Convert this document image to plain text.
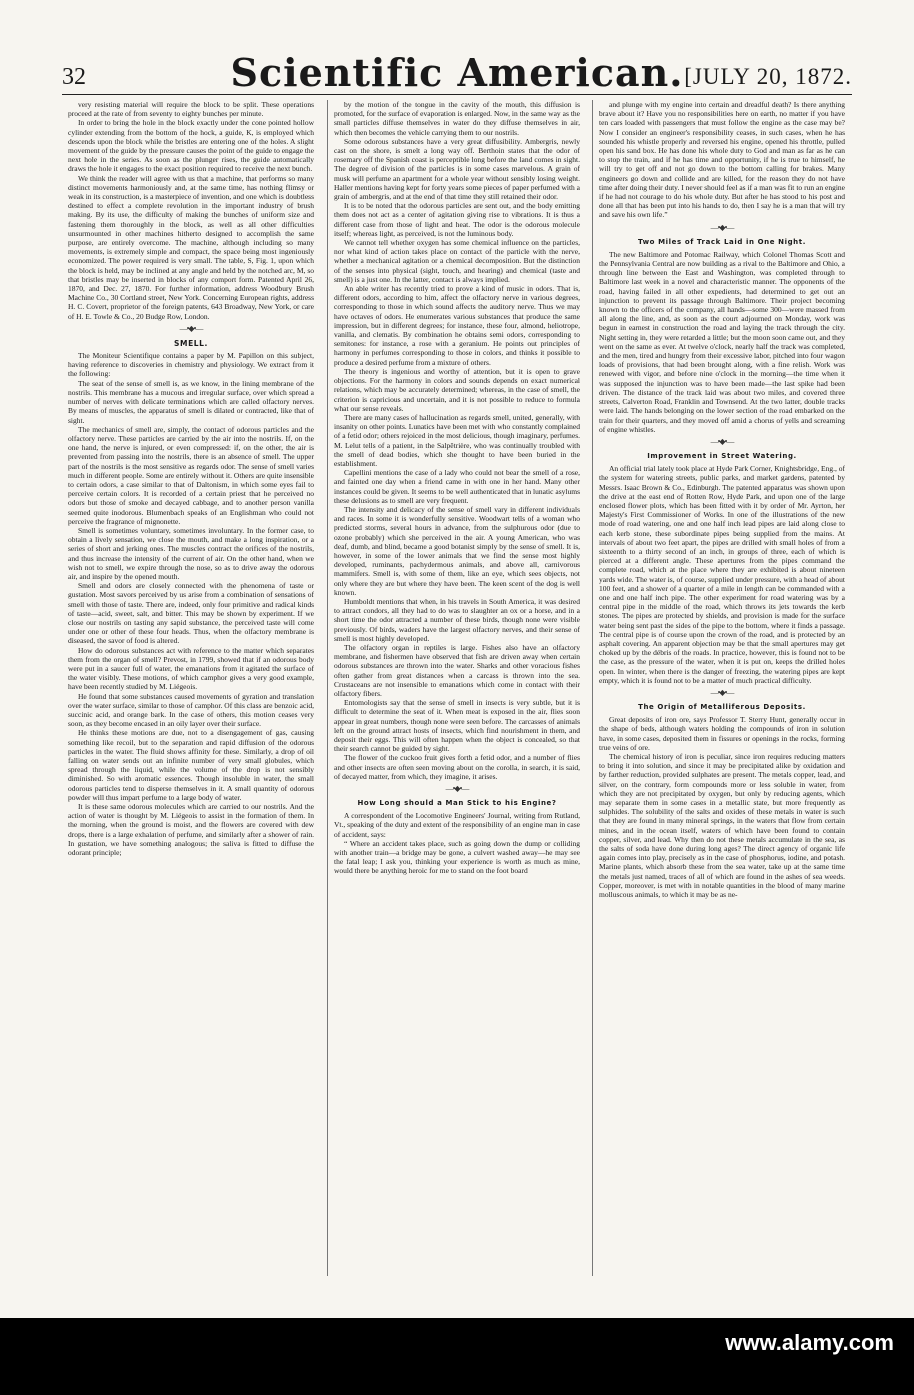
32	Scientific American. [JULY 20, 1872.

very resisting material will require the block to be split. These operations proceed at the rate of from seventy to eighty bunches per minute.

In order to bring the hole in the block exactly under the cone pointed hollow cylinder extending from the bottom of the hock, a guide, K, is employed which descends upon the block while the bristles are entering one of the holes. A slight movement of the guide by the pressure causes the point of the guide to engage the next hole in the series. As soon as the plunger rises, the guide automatically draws the hole it engages to the exact position required to receive the next bunch.

We think the reader will agree with us that a machine, that performs so many distinct movements harmoniously and, at the same time, has nothing flimsy or weak in its construction, is a masterpiece of invention, and one which is doubtless destined to effect a complete revolution in the important industry of brush making. By its use, the difficulty of making the bunches of uniform size and fastening them thoroughly in the block, as well as all other difficulties unsurmounted in other machines hitherto designed to accomplish the same purpose, are entirely overcome. The machine, although including so many movements, is extremely simple and compact, the space being most ingeniously economized. The power required is very small. The table, S, Fig. 1, upon which the block is held, may be inclined at any angle and held by the notched arc, M, so that bristles may be inserted in blocks of any comport form. Patented April 26, 1870, and Dec. 27, 1870. For further information, address Woodbury Brush Machine Co., 30 Cortland street, New York. Concerning European rights, address H. C. Covert, proprietor of the foreign patents, 643 Broadway, New York, or care of H. E. Towle & Co., 20 Budge Row, London.

—•◆•—
SMELL.

The Moniteur Scientifique contains a paper by M. Papillon on this subject, having reference to discoveries in chemistry and physiology. We extract from it the following:

The seat of the sense of smell is, as we know, in the lining membrane of the nostrils. This membrane has a mucous and irregular surface, over which spread a number of nerves with delicate terminations which are called olfactory nerves. By means of muscles, the apparatus of smell is dilated or contracted, like that of sight.

The mechanics of smell are, simply, the contact of odorous particles and the olfactory nerve. These particles are carried by the air into the nostrils. If, on the one hand, the nerve is injured, or even compressed: if, on the other, the air is prevented from passing into the nostrils, there is an absence of smell. The upper part of the nostrils is the most sensitive as regards odor. The sense of smell varies much in different people. Some are entirely without it. Others are quite insensible to certain odors, a case similar to that of Daltonism, in which some eyes fail to perceive certain colors. It is recorded of a certain priest that he perceived no odors but those of smoke and decayed cabbage, and to another person vanilla seemed quite inodorous. Blumenbach speaks of an Englishman who could not perceive the fragrance of mignonette.

Smell is sometimes voluntary, sometimes involuntary. In the former case, to obtain a lively sensation, we close the mouth, and make a long inspiration, or a series of short and jerking ones. The muscles contract the orifices of the nostrils, and thus increase the intensity of the current of air. On the other hand, when we wish not to smell, we expire through the nose, so as to drive away the odorous air, and inspire by the opened mouth.

Smell and odors are closely connected with the phenomena of taste or gustation. Most savors perceived by us arise from a combination of sensations of smell with those of taste. There are, indeed, only four primitive and radical kinds of taste—acid, sweet, salt, and bitter. This may be shown by experiment. If we close our nostrils on tasting any sapid substance, the perceived taste will come under one or other of these four heads. Thus, when the olfactory membrane is diseased, the savor of food is altered.

How do odorous substances act with reference to the matter which separates them from the organ of smell? Prevost, in 1799, showed that if an odorous body were put in a saucer full of water, the emanations from it agitated the surface of the water visibly. These motions, of which camphor gives a very good example, have been recently studied by M. Liégeois.

He found that some substances caused movements of gyration and translation over the water surface, similar to those of camphor. Of this class are benzoic acid, succinic acid, and orange bark. In the case of others, this motion ceases very soon, as they become encased in an oily layer over their surface.

He thinks these motions are due, not to a disengagement of gas, causing something like recoil, but to the separation and rapid diffusion of the odorous particles in the water. The fluid shows affinity for these. Similarly, a drop of oil falling on water sends out an infinite number of very small globules, which spread through the liquid, while the volume of the drop is not sensibly diminished. So with aromatic essences. Though insoluble in water, the small odorous particles tend to disperse themselves in it. A small quantity of odorous powder will thus impart perfume to a large body of water.

It is these same odorous molecules which are carried to our nostrils. And the action of water is thought by M. Liégeois to assist in the formation of them. In the morning, when the ground is moist, and the flowers are covered with dew drops, there is a large exhalation of perfume, and similarly after a shower of rain. In gustation, we have something analogous; the saliva is fitted to diffuse the odorant principle;

by the motion of the tongue in the cavity of the mouth, this diffusion is promoted, for the surface of evaporation is enlarged. Now, in the same way as the small particles diffuse themselves in water do they diffuse themselves in air, which then becomes the vehicle carrying them to our nostrils.

Some odorous substances have a very great diffusibility. Ambergris, newly cast on the shore, is smelt a long way off. Berthoin states that the odor of rosemary off the Spanish coast is perceptible long before the land comes in sight. The degree of division of the particles is in some cases marvelous. A grain of musk will perfume an apartment for a whole year without sensibly losing weight. Haller mentions having kept for forty years some pieces of paper perfumed with a grain of ambergris, and at the end of that time they still retained their odor.

It is to be noted that the odorous particles are sent out, and the body emitting them does not act as a center of agitation giving rise to vibrations. It is thus a different case from those of light and heat. The odor is the odorous molecule itself; whereas light, as perceived, is not the luminous body.

We cannot tell whether oxygen has some chemical influence on the particles, nor what kind of action takes place on contact of the particle with the nerve, whether a mechanical agitation or a chemical decomposition. But the distinction of the senses into physical (sight, touch, and hearing) and chemical (taste and smell) is a just one. In the latter, contact is always implied.

An able writer has recently tried to prove a kind of music in odors. That is, different odors, according to him, affect the olfactory nerve in various degrees, corresponding to those in which sound affects the auditory nerve. Thus we may have octaves of odors. He enumerates various substances that produce the same impression, but in different degrees; for instance, these four, almond, heliotrope, vanilla, and clematis. By combination he obtains semi odors, corresponding to semitones: for instance, a rose with a geranium. He points out principles of harmony in perfumes corresponding to those in colors, and thinks it possible to produce a desired perfume from a mixture of others.

The theory is ingenious and worthy of attention, but it is open to grave objections. For the harmony in colors and sounds depends on exact numerical relations, which may be accurately determined; whereas, in the case of smell, the criterion is capricious and uncertain, and it is not possible to reduce to formula what our sense reveals.

There are many cases of hallucination as regards smell, united, generally, with insanity on other points. Lunatics have been met with who constantly complained of a fetid odor; others rejoiced in the most delicious, though imaginary, perfumes. M. Lelut tells of a patient, in the Salpêtrière, who was continually troubled with the smell of dead bodies, which she thought to have been buried in the establishment.

Capellini mentions the case of a lady who could not bear the smell of a rose, and fainted one day when a friend came in with one in her hand. Many other instances could be given. It seems to be well authenticated that in lunatic asylums these delusions as to smell are very frequent.

The intensity and delicacy of the sense of smell vary in different individuals and races. In some it is wonderfully sensitive. Woodwart tells of a woman who predicted storms, several hours in advance, from the sulphurous odor (due to ozone probably) which she perceived in the air. A young American, who was deaf, dumb, and blind, became a good botanist simply by the sense of smell. It is, however, in some of the lower animals that we find the sense most highly developed, ruminants, pachydermous animals, and above all, carnivorous mammifers. Smell is, with some of them, like an eye, which sees objects, not only where they are but where they have been. The keen scent of the dog is well known.

Humboldt mentions that when, in his travels in South America, it was desired to attract condors, all they had to do was to slaughter an ox or a horse, and in a short time the odor attracted a number of these birds, though none were visible previously. Of birds, waders have the largest olfactory nerves, and their sense of smell is most highly developed.

The olfactory organ in reptiles is large. Fishes also have an olfactory membrane, and fishermen have observed that fish are driven away when certain odorous substances are thrown into the water. Sharks and other voracious fishes often gather from great distances when a carcass is thrown into the sea. Crustaceans are not insensible to emanations which come in contact with their olfactory fibers.

Entomologists say that the sense of smell in insects is very subtle, but it is difficult to determine the seat of it. When meat is exposed in the air, flies soon appear in great numbers, though none were seen before. The carcasses of animals left on the ground attract hosts of insects, which find nourishment in them, and deposit their eggs. This will often happen when the object is concealed, so that their search cannot be guided by sight.

The flower of the cuckoo fruit gives forth a fetid odor, and a number of flies and other insects are often seen moving about on the corolla, in search, it is said, of decayed matter, from which, they imagine, it arises.

—•◆•—
How Long should a Man Stick to his Engine?

A correspondent of the Locomotive Engineers' Journal, writing from Rutland, Vt., speaking of the duty and extent of the responsibility of an engine man in case of accident, says:

“ Where an accident takes place, such as going down the dump or colliding with another train—a bridge may be gone, a culvert washed away—he may see the fatal leap; I ask you, thinking your experience is worth as much as mine, would there be anything heroic for me to stand on the foot board

and plunge with my engine into certain and dreadful death? Is there anything brave about it? Have you no responsibilities here on earth, no matter if you have ten cars loaded with passengers that must follow the engine as the case may be? Now I consider an engineer's responsibility ceases, in such cases, when he has sounded his whistle properly and reversed his engine, opened his throttle, pulled open his sand box. He has done his whole duty to God and man as far as he can to stop the train, and if he has time and opportunity, if he is true to himself, he will try to get off and not go down to the bottom calling for brakes. Many engineers go down and collide and are killed, for the reason they do not have time after doing their duty. I never should feel as if a man was fit to run an engine if he had not courage to do his whole duty. But after he has stood to his post and done all that has been put into his hands to do, then I say he is a man that will try and save his own life.”

—•◆•—
Two Miles of Track Laid in One Night.

The new Baltimore and Potomac Railway, which Colonel Thomas Scott and the Pennsylvania Central are now building as a rival to the Baltimore and Ohio, a through line between the East and Washington, was completed through to Baltimore last week in a novel and characteristic manner. The opponents of the road, having failed in all other expedients, had determined to get out an injunction to prevent its passage through Baltimore. Their project becoming known to the officers of the company, all hands—some 300—were massed from all along the line, and, as soon as the court adjourned on Monday, work was begun in earnest in construction the road and laying the track through the city. Night setting in, they were retarded a little; but the moon soon came out, and they went on the same as ever. At twelve o'clock, nearly half the track was completed, and the men, tired and hungry from their excessive labor, pitched into four wagon loads of provisions, that had been brought along, with a fine relish. Work was renewed with vigor, and before nine o'clock in the morning—the time when it was supposed the injunction was to have been made—the last spike had been driven. The distance of the track laid was about two miles, and covered three streets, Calverton Road, Franklin and Townsend. At the two latter, double tracks were laid. The hands belonging on the lower section of the road embarked on the train for their quarters, and they moved off amid a chorus of yells and screaming of engine whistles.

—•◆•—
Improvement in Street Watering.

An official trial lately took place at Hyde Park Corner, Knightsbridge, Eng., of the system for watering streets, public parks, and market gardens, patented by Messrs. Isaac Brown & Co., Edinburgh. The patented apparatus was shown upon the drive at the east end of Rotten Row, Hyde Park, and upon one of the large enclosed flower plots, which has been fitted with it by order of Mr. Ayrton, her Majesty's First Commissioner of Works. In one of the illustrations of the new mode of road watering, one and one half inch lead pipes are laid along close to each kerb stone, these subordinate pipes being supplied from the mains. At intervals of about two feet apart, the pipes are drilled with small holes of from a sixteenth to a thirty second of an inch, in groups of three, each of which is pierced at a different angle. These apertures from the pipes command the complete road, which at the place where they are exhibited is about nineteen yards wide. The water is, of course, supplied under pressure, with a head of about 100 feet, and a shower of a quarter of a mile in length can be commanded with a one and one half inch pipe. The other experiment for road watering was by a central pipe in the middle of the road, which throws its jets towards the kerb stones. The pipes are protected by shields, and provision is made for the surface water being sent past the sides of the pipe to the bottom, where it finds a passage. The central pipe is of course upon the crown of the road, and is protected by an asphalt covering. An apparent objection may be that the small apertures may get choked up by the débris of the roads. In practice, however, this is found not to be the case, as the pressure of the water, when it is put on, keeps the drilled holes open. In winter, when there is the danger of freezing, the watering pipes are kept empty, which it is found not to be a matter of much practical difficulty.

—•◆•—
The Origin of Metalliferous Deposits.

Great deposits of iron ore, says Professor T. Sterry Hunt, generally occur in the shape of beds, although waters holding the compounds of iron in solution have, in some cases, deposited them in fissures or openings in the rocks, forming true veins of ore.

The chemical history of iron is peculiar, since iron requires reducing matters to bring it into solution, and since it may be precipitated alike by oxidation and by farther reduction, provided sulphates are present. The metals copper, lead, and silver, on the contrary, form compounds more or less soluble in water, from which they are not precipitated by oxygen, but only by reducing agents, which may separate them in some cases in a metallic state, but more frequently as sulphides. The solubility of the salts and oxides of these metals in water is such that they are found in many mineral springs, in the waters that flow from certain mines, and in the ocean itself, waters of which have been found to contain copper, silver, and lead. Why then do not these metals accumulate in the sea, as the salts of soda have done during long ages? The direct agency of organic life again comes into play, precisely as in the case of phosphorus, iodine, and potash. Marine plants, which absorb these from the sea water, take up at the same time the metals just named, traces of all of which are found in the ashes of sea weeds. Copper, moreover, is met with in notable quantities in the blood of many marine molluscous animals, to which it may be as ne-

www.alamy.com
